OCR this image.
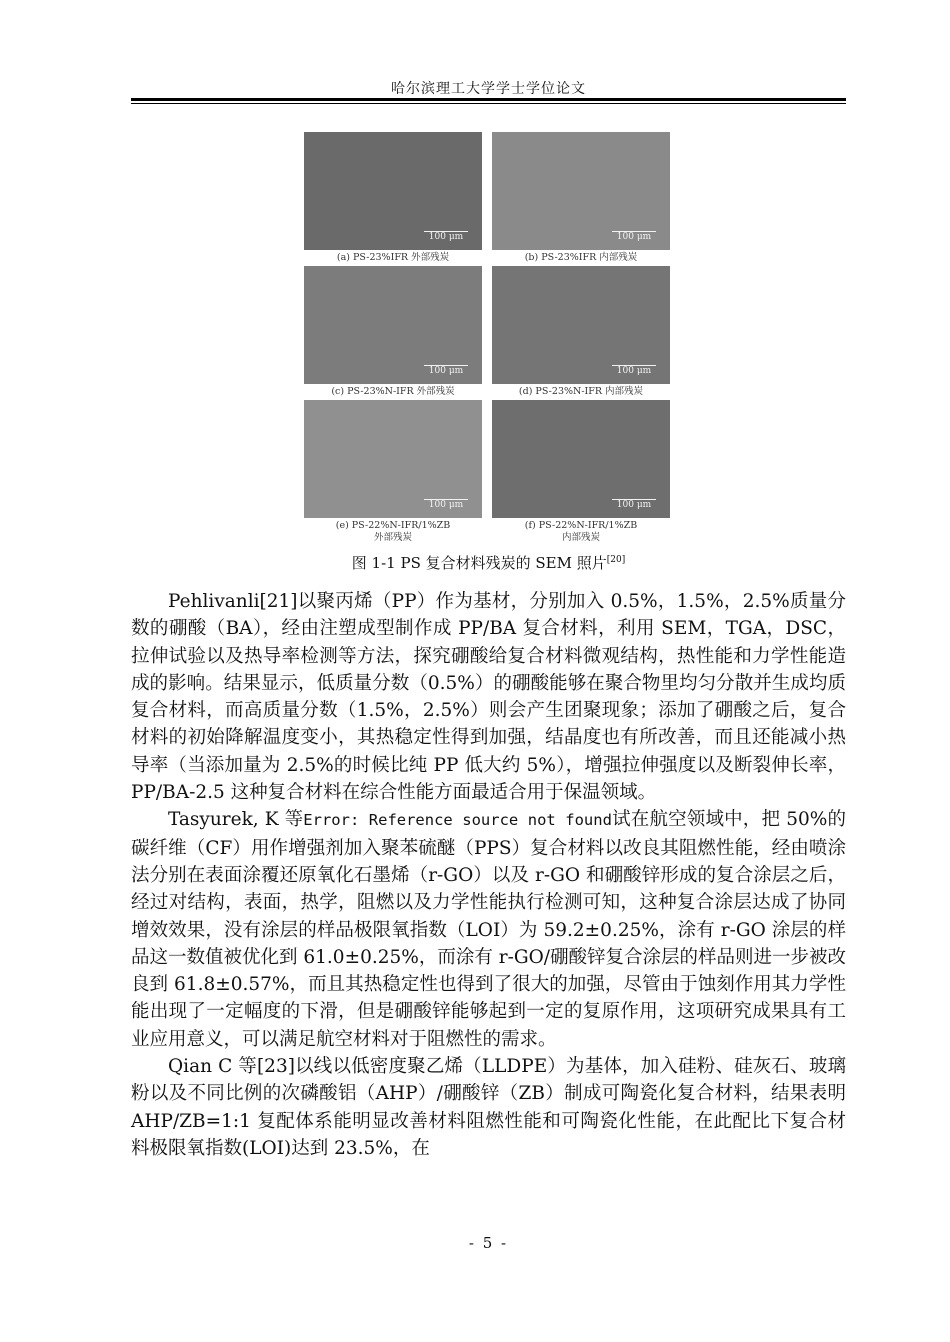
哈尔滨理工大学学士学位论文
100 μm
(a) PS-23%IFR 外部残炭
100 μm
(b) PS-23%IFR 内部残炭
100 μm
(c) PS-23%N-IFR 外部残炭
100 μm
(d) PS-23%N-IFR 内部残炭
100 μm
(e) PS-22%N-IFR/1%ZB
外部残炭
100 μm
(f) PS-22%N-IFR/1%ZB
内部残炭
图 1-1 PS 复合材料残炭的 SEM 照片[20]

Pehlivanli[21]以聚丙烯（PP）作为基材，分别加入 0.5%，1.5%，2.5%质量分数的硼酸（BA），经由注塑成型制作成 PP/BA 复合材料，利用 SEM，TGA，DSC，拉伸试验以及热导率检测等方法，探究硼酸给复合材料微观结构，热性能和力学性能造成的影响。结果显示，低质量分数（0.5%）的硼酸能够在聚合物里均匀分散并生成均质复合材料，而高质量分数（1.5%，2.5%）则会产生团聚现象；添加了硼酸之后，复合材料的初始降解温度变小，其热稳定性得到加强，结晶度也有所改善，而且还能减小热导率（当添加量为 2.5%的时候比纯 PP 低大约 5%），增强拉伸强度以及断裂伸长率，PP/BA-2.5 这种复合材料在综合性能方面最适合用于保温领域。

Tasyurek, K 等Error: Reference source not found试在航空领域中，把 50%的碳纤维（CF）用作增强剂加入聚苯硫醚（PPS）复合材料以改良其阻燃性能，经由喷涂法分别在表面涂覆还原氧化石墨烯（r-GO）以及 r-GO 和硼酸锌形成的复合涂层之后，经过对结构，表面，热学，阻燃以及力学性能执行检测可知，这种复合涂层达成了协同增效效果，没有涂层的样品极限氧指数（LOI）为 59.2±0.25%，涂有 r-GO 涂层的样品这一数值被优化到 61.0±0.25%，而涂有 r-GO/硼酸锌复合涂层的样品则进一步被改良到 61.8±0.57%，而且其热稳定性也得到了很大的加强，尽管由于蚀刻作用其力学性能出现了一定幅度的下滑，但是硼酸锌能够起到一定的复原作用，这项研究成果具有工业应用意义，可以满足航空材料对于阻燃性的需求。

Qian C 等[23]以线以低密度聚乙烯（LLDPE）为基体，加入硅粉、硅灰石、玻璃粉以及不同比例的次磷酸铝（AHP）/硼酸锌（ZB）制成可陶瓷化复合材料，结果表明 AHP/ZB=1:1 复配体系能明显改善材料阻燃性能和可陶瓷化性能，在此配比下复合材料极限氧指数(LOI)达到 23.5%，在

- 5 -
